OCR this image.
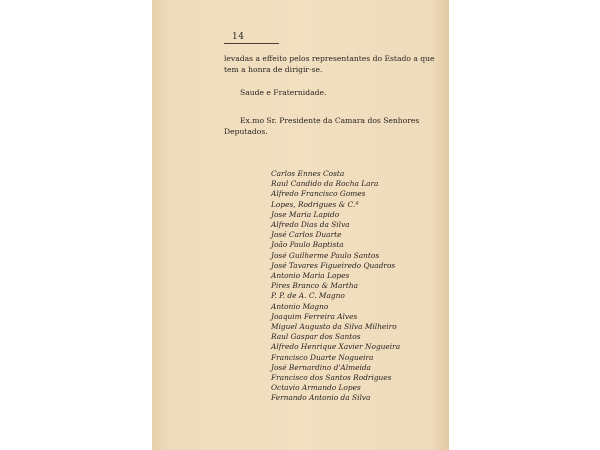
14
levadas a effeito pelos representantes do Estado a que
tem a honra de dirigir-se.
Saude e Fraternidade.
Ex.mo Sr. Presidente da Camara dos Senhores
Deputados.
Carlos Ennes Costa
Raul Candido da Rocha Lara
Alfredo Francisco Gomes
Lopes, Rodrigues & C.ª
Jose Maria Lapido
Alfredo Dias da Silva
José Carlos Duarte
João Paulo Baptista
José Guilherme Paulo Santos
José Tavares Figueiredo Quadros
Antonio Maria Lopes
Pires Branco & Martha
P. P. de A. C. Magno
Antonio Magno
Joaquim Ferreira Alves
Miguel Augusto da Silva Milheiro
Raul Gaspar dos Santos
Alfredo Henrique Xavier Nogueira
Francisco Duarte Nogueira
José Bernardino d'Almeida
Francisco dos Santos Rodrigues
Octavio Armando Lopes
Fernando Antonio da Silva
